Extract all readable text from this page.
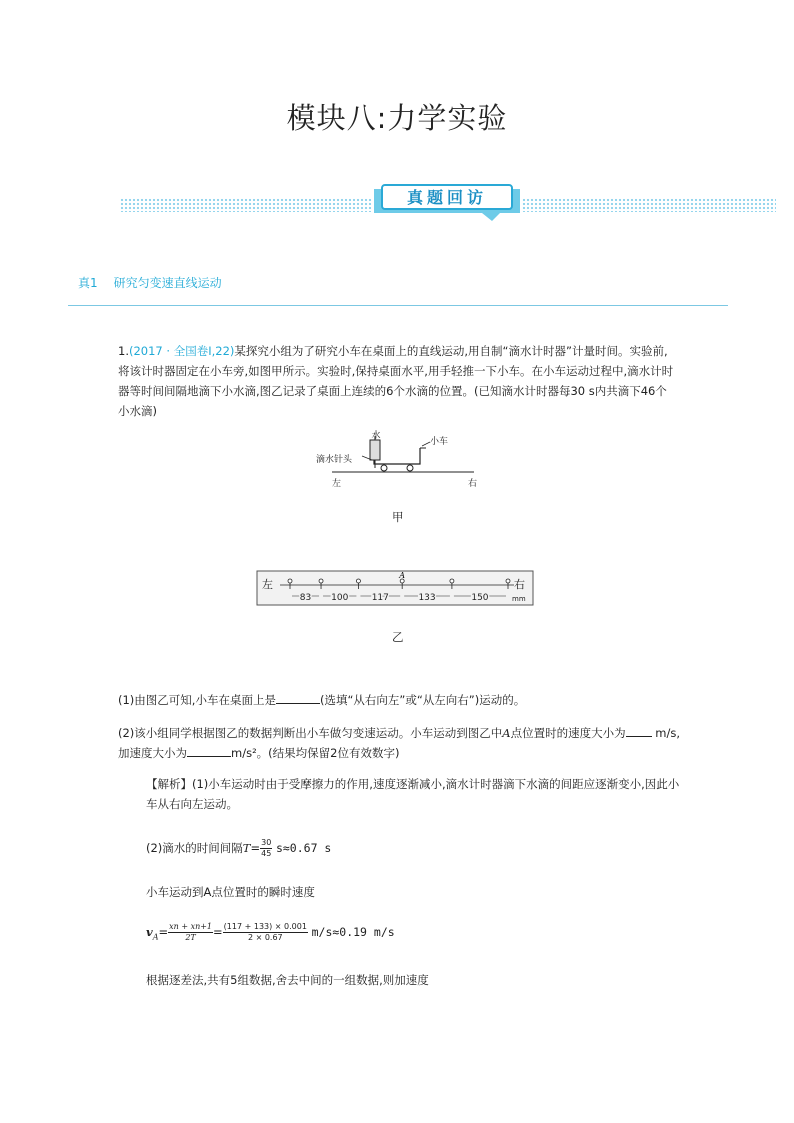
模块八:力学实验
真题回访
真1 研究匀变速直线运动
1.(2017 · 全国卷Ⅰ,22)某探究小组为了研究小车在桌面上的直线运动,用自制“滴水计时器”计量时间。实验前,将该计时器固定在小车旁,如图甲所示。实验时,保持桌面水平,用手轻推一下小车。在小车运动过程中,滴水计时器等时间间隔地滴下小水滴,图乙记录了桌面上连续的6个水滴的位置。(已知滴水计时器每30 s内共滴下46个小水滴)
水
小车
滴水针头
左	右
甲
左	右
mm
A
83 100	117	133	150
乙
(1)由图乙可知,小车在桌面上是	(选填“从右向左”或“从左向右”)运动的。
(2)该小组同学根据图乙的数据判断出小车做匀变速运动。小车运动到图乙中A点位置时的速度大小为	m/s,加速度大小为	m/s²。(结果均保留2位有效数字)
【解析】(1)小车运动时由于受摩擦力的作用,速度逐渐减小,滴水计时器滴下水滴的间距应逐渐变小,因此小车从右向左运动。
(2)滴水的时间间隔$T= \frac{30}{45} s\approx 0.67$ s
小车运动到A点位置时的瞬时速度
$v_A= \frac{xn + xn+1}{2T} = \frac{(117 + 133) \times 0.001}{2 \times 0.67} m/s\approx 0.19$ m/s
根据逐差法,共有5组数据,舍去中间的一组数据,则加速度
